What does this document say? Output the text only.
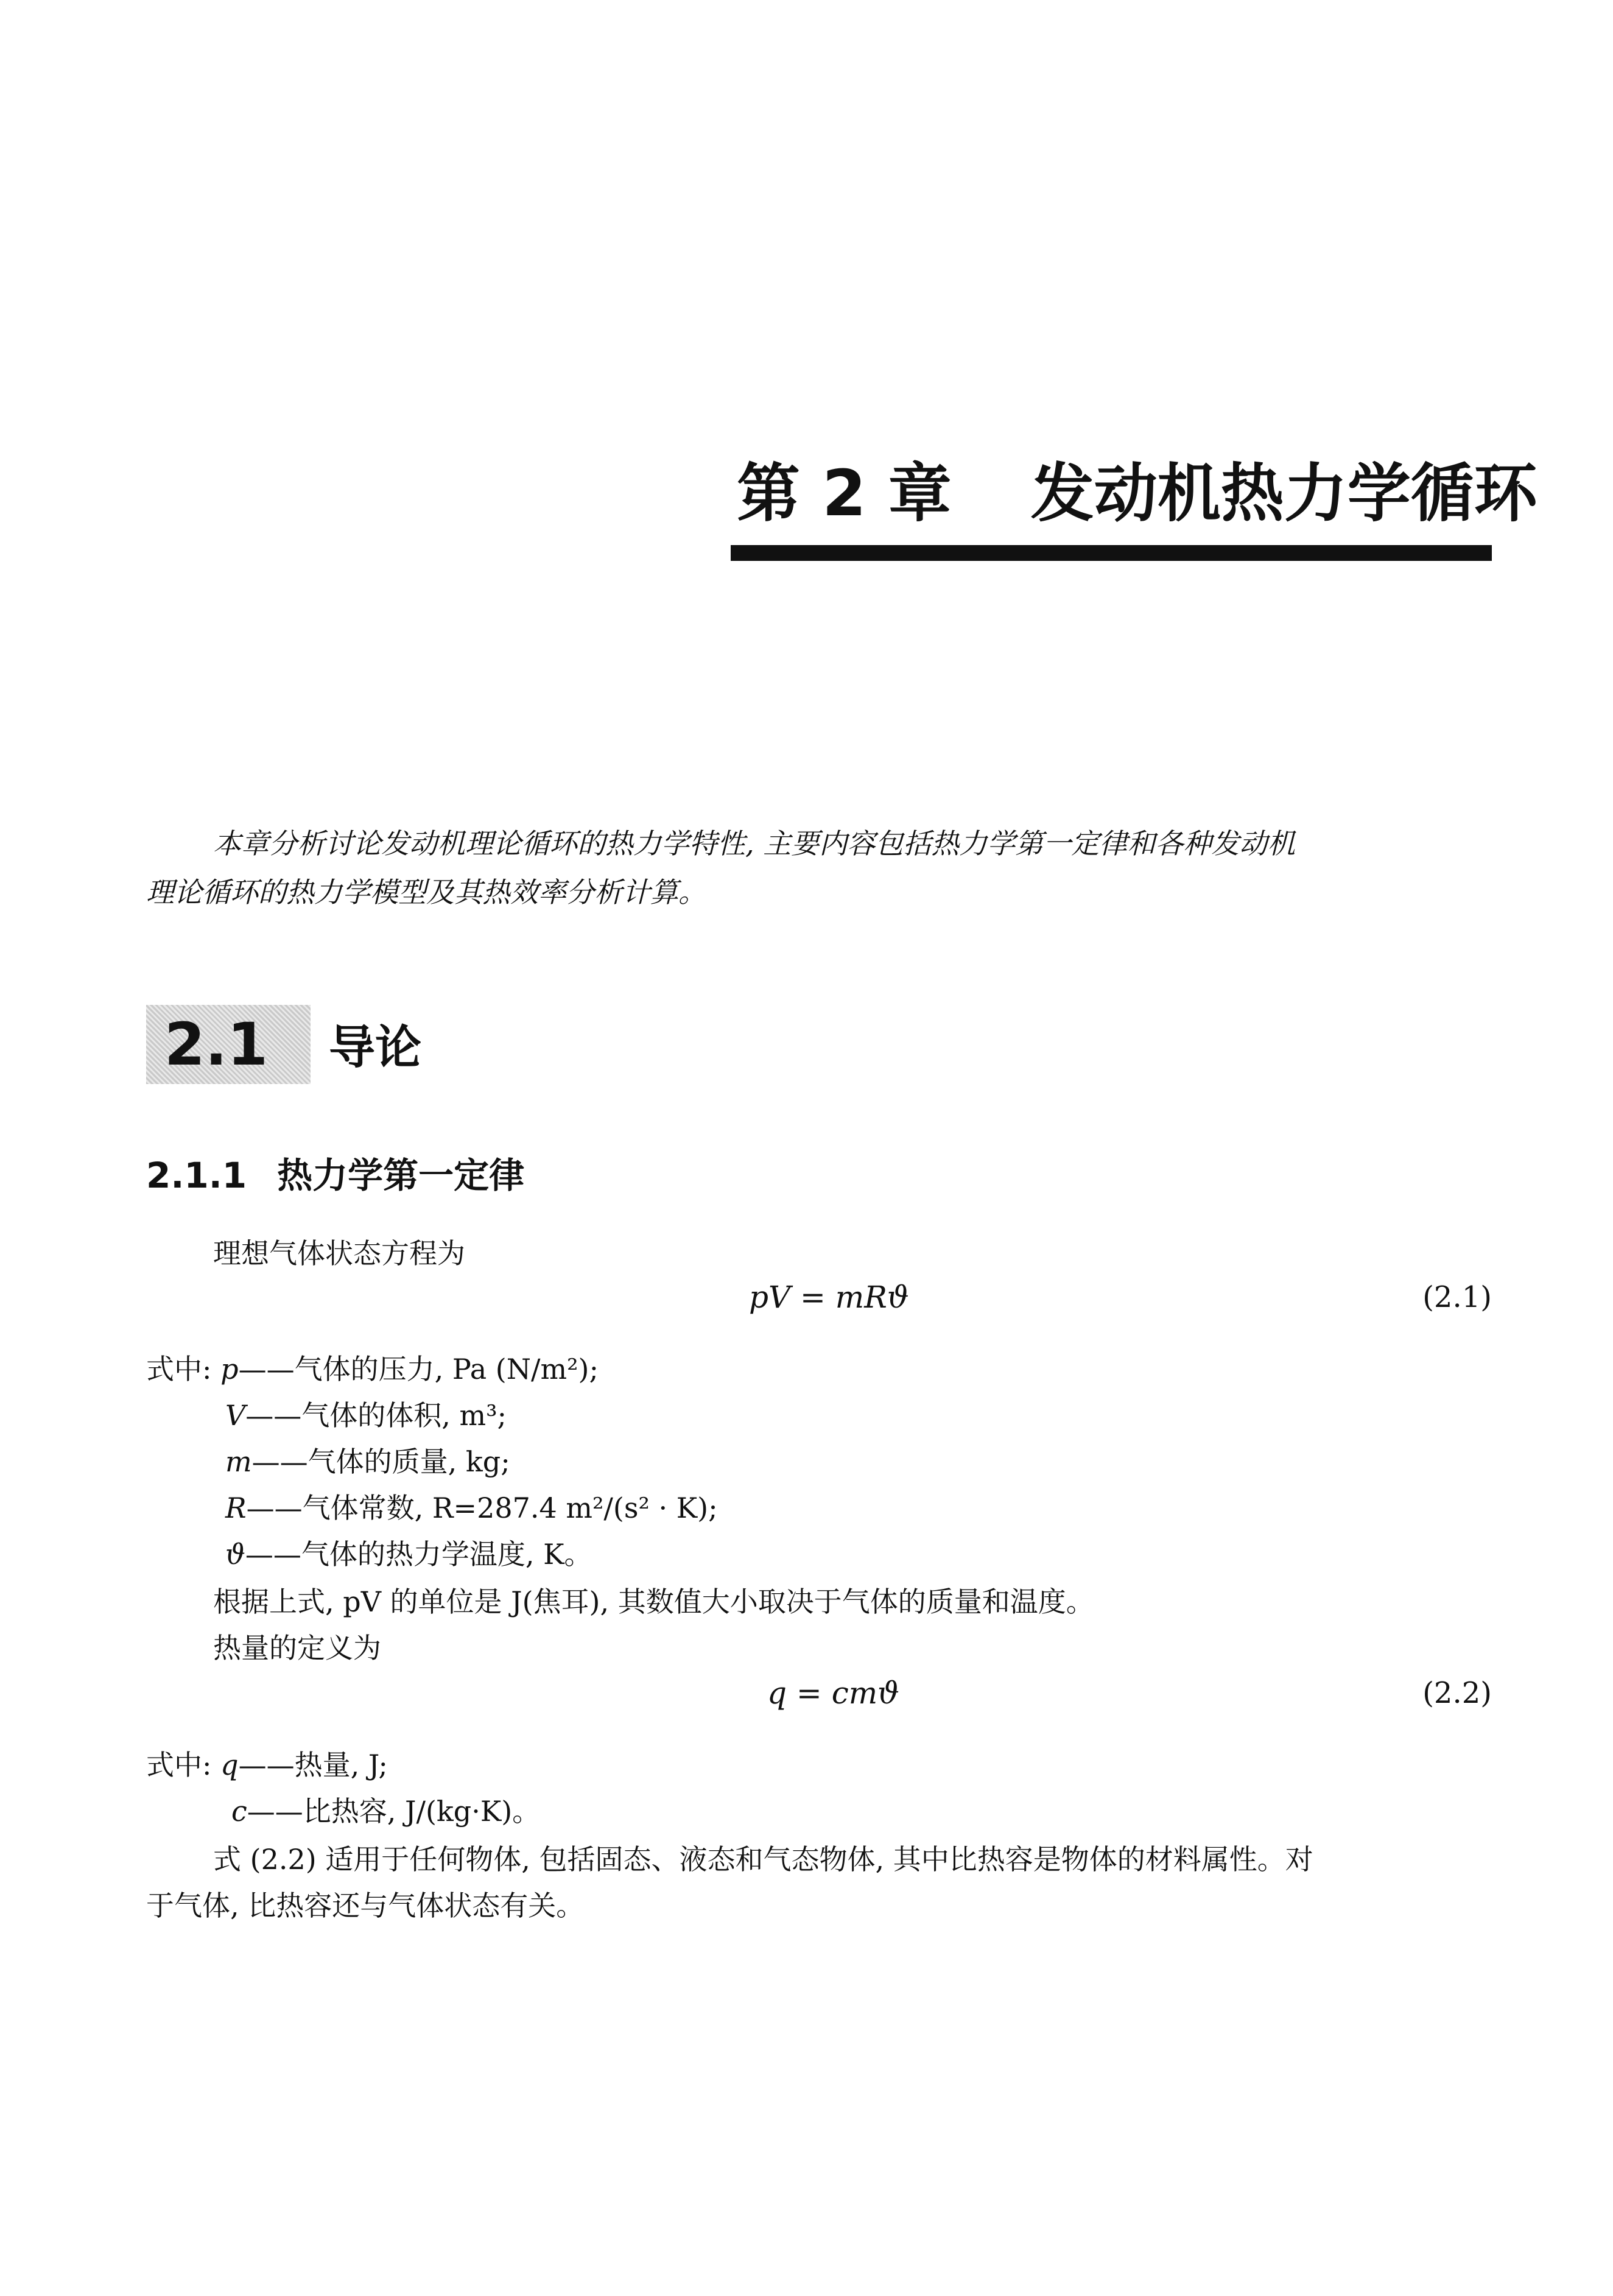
第 2 章 发动机热力学循环
本章分析讨论发动机理论循环的热力学特性, 主要内容包括热力学第一定律和各种发动机
理论循环的热力学模型及其热效率分析计算。
2.1	导论
2.1.1 热力学第一定律
理想气体状态方程为
pV = mRϑ	(2.1)
式中: p——气体的压力, Pa (N/m²);
V——气体的体积, m³;
m——气体的质量, kg;
R——气体常数, R=287.4 m²/(s² · K);
ϑ——气体的热力学温度, K。
根据上式, pV 的单位是 J(焦耳), 其数值大小取决于气体的质量和温度。
热量的定义为
q = cmϑ	(2.2)
式中: q——热量, J;
c——比热容, J/(kg·K)。
式 (2.2) 适用于任何物体, 包括固态、液态和气态物体, 其中比热容是物体的材料属性。对
于气体, 比热容还与气体状态有关。
